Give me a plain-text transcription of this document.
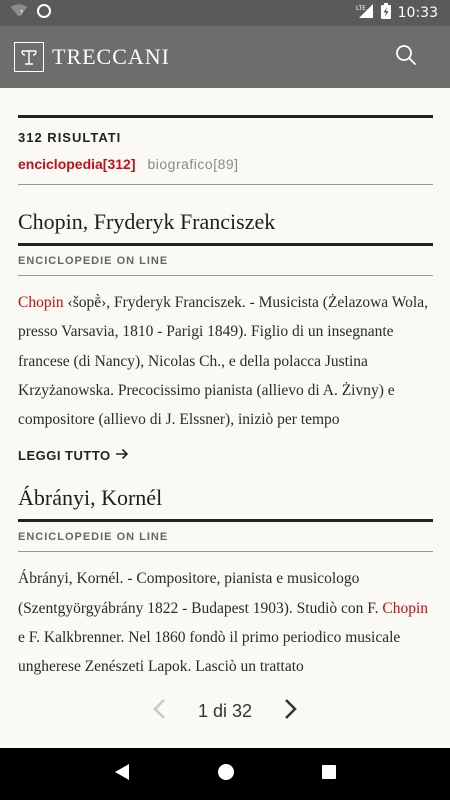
?	LTE 10:33
TRECCANI
312 RISULTATI
enciclopedia[312] biografico[89]
Chopin, Fryderyk Franciszek
ENCICLOPEDIE ON LINE
Chopin ‹šopḕ›, Fryderyk Franciszek. - Musicista (Żelazowa Wola, presso Varsavia, 1810 - Parigi 1849). Figlio di un insegnante francese (di Nancy), Nicolas Ch., e della polacca Justina Krzyżanowska. Precocissimo pianista (allievo di A. Żivny) e compositore (allievo di J. Elssner), iniziò per tempo
LEGGI TUTTO
Ábrányi, Kornél
ENCICLOPEDIE ON LINE
Ábrányi, Kornél. - Compositore, pianista e musicologo (Szentgyörgyábrány 1822 - Budapest 1903). Studiò con F. Chopin e F. Kalkbrenner. Nel 1860 fondò il primo periodico musicale ungherese Zenészeti Lapok. Lasciò un trattato
1 di 32
